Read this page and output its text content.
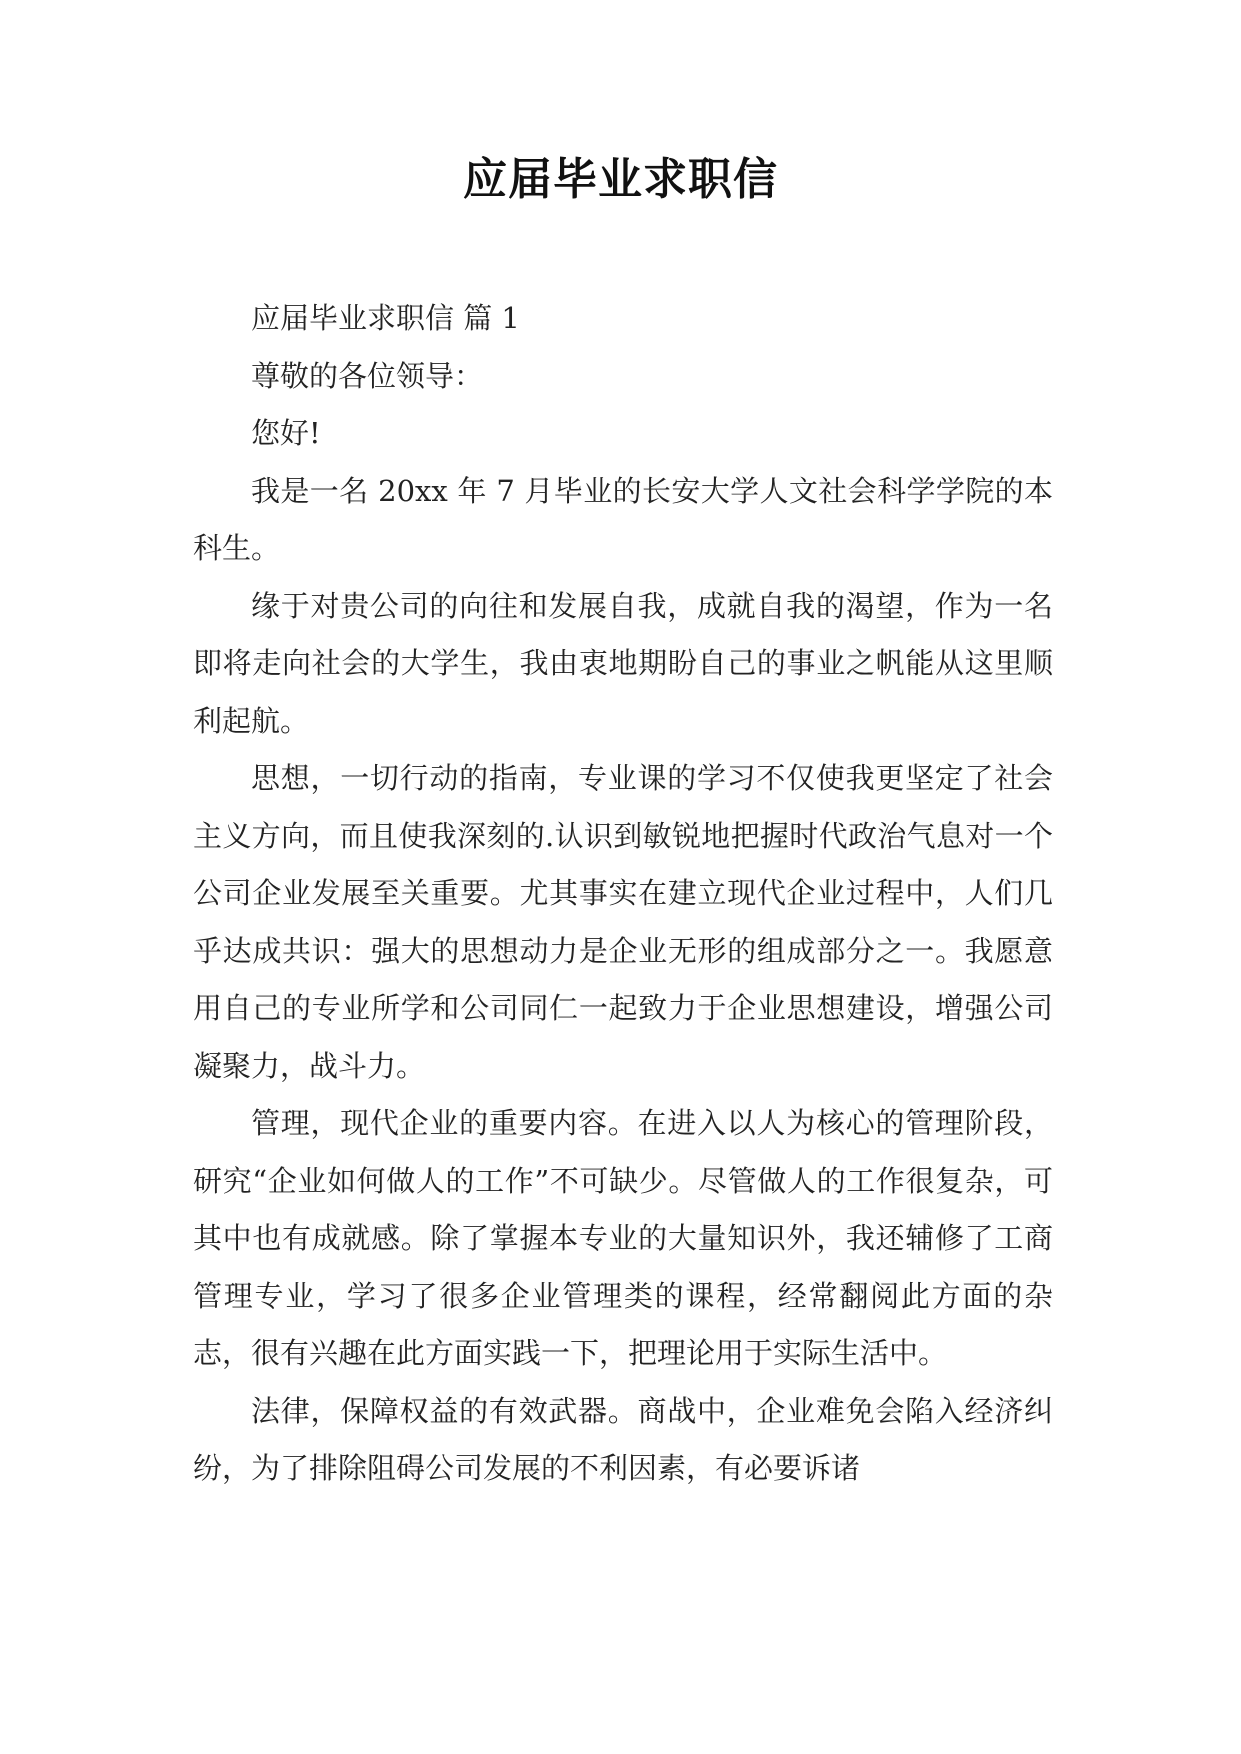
应届毕业求职信

应届毕业求职信 篇 1

尊敬的各位领导：

您好!

我是一名 20xx 年 7 月毕业的长安大学人文社会科学学院的本科生。

缘于对贵公司的向往和发展自我，成就自我的渴望，作为一名即将走向社会的大学生，我由衷地期盼自己的事业之帆能从这里顺利起航。

思想，一切行动的指南，专业课的学习不仅使我更坚定了社会主义方向，而且使我深刻的.认识到敏锐地把握时代政治气息对一个公司企业发展至关重要。尤其事实在建立现代企业过程中，人们几乎达成共识：强大的思想动力是企业无形的组成部分之一。我愿意用自己的专业所学和公司同仁一起致力于企业思想建设，增强公司凝聚力，战斗力。

管理，现代企业的重要内容。在进入以人为核心的管理阶段，研究“企业如何做人的工作”不可缺少。尽管做人的工作很复杂，可其中也有成就感。除了掌握本专业的大量知识外，我还辅修了工商管理专业，学习了很多企业管理类的课程，经常翻阅此方面的杂志，很有兴趣在此方面实践一下，把理论用于实际生活中。

法律，保障权益的有效武器。商战中，企业难免会陷入经济纠纷，为了排除阻碍公司发展的不利因素，有必要诉诸
